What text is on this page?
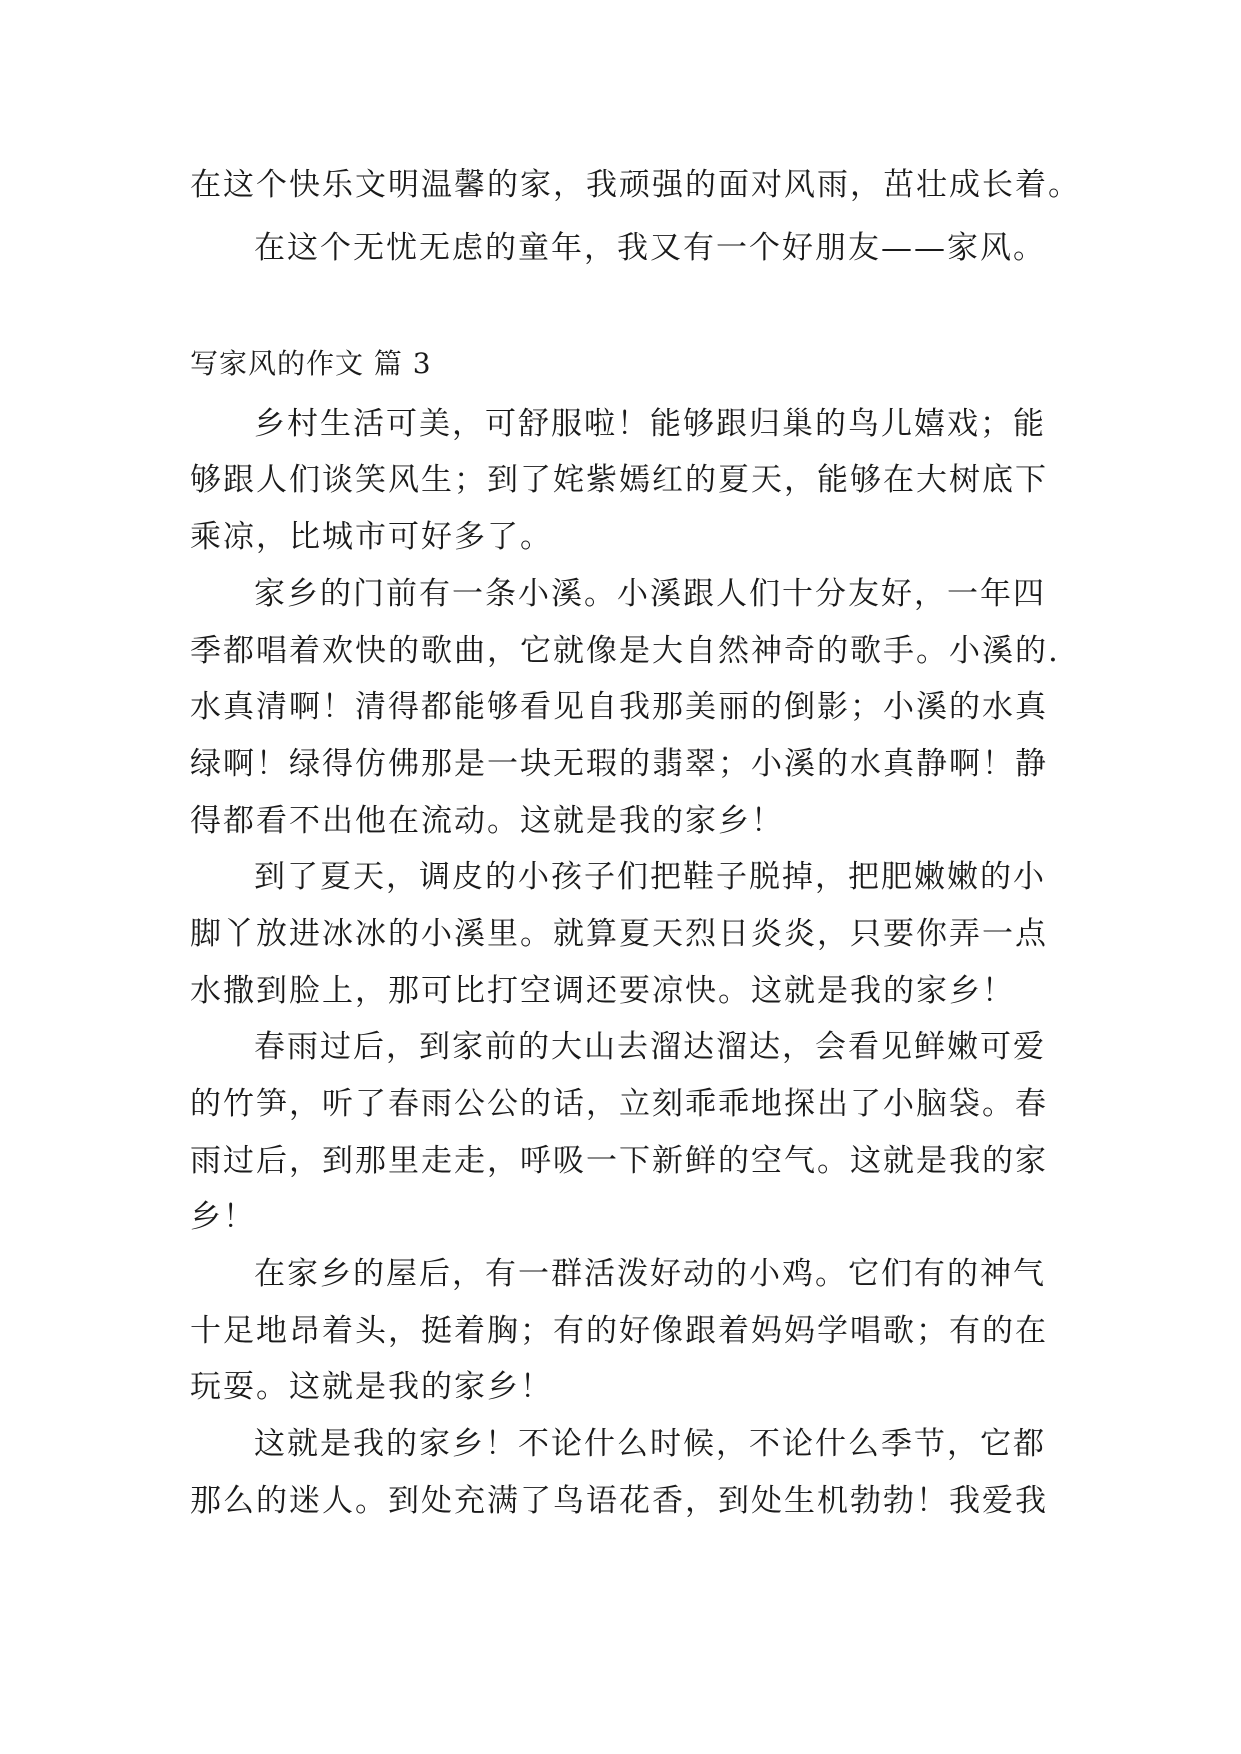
在这个快乐文明温馨的家，我顽强的面对风雨，茁壮成长着。
在这个无忧无虑的童年，我又有一个好朋友——家风。
写家风的作文 篇 3
乡村生活可美，可舒服啦！能够跟归巢的鸟儿嬉戏；能
够跟人们谈笑风生；到了姹紫嫣红的夏天，能够在大树底下
乘凉，比城市可好多了。
家乡的门前有一条小溪。小溪跟人们十分友好，一年四
季都唱着欢快的歌曲，它就像是大自然神奇的歌手。小溪的.
水真清啊！清得都能够看见自我那美丽的倒影；小溪的水真
绿啊！绿得仿佛那是一块无瑕的翡翠；小溪的水真静啊！静
得都看不出他在流动。这就是我的家乡！
到了夏天，调皮的小孩子们把鞋子脱掉，把肥嫩嫩的小
脚丫放进冰冰的小溪里。就算夏天烈日炎炎，只要你弄一点
水撒到脸上，那可比打空调还要凉快。这就是我的家乡！
春雨过后，到家前的大山去溜达溜达，会看见鲜嫩可爱
的竹笋，听了春雨公公的话，立刻乖乖地探出了小脑袋。春
雨过后，到那里走走，呼吸一下新鲜的空气。这就是我的家
乡！
在家乡的屋后，有一群活泼好动的小鸡。它们有的神气
十足地昂着头，挺着胸；有的好像跟着妈妈学唱歌；有的在
玩耍。这就是我的家乡！
这就是我的家乡！不论什么时候，不论什么季节，它都
那么的迷人。到处充满了鸟语花香，到处生机勃勃！我爱我
